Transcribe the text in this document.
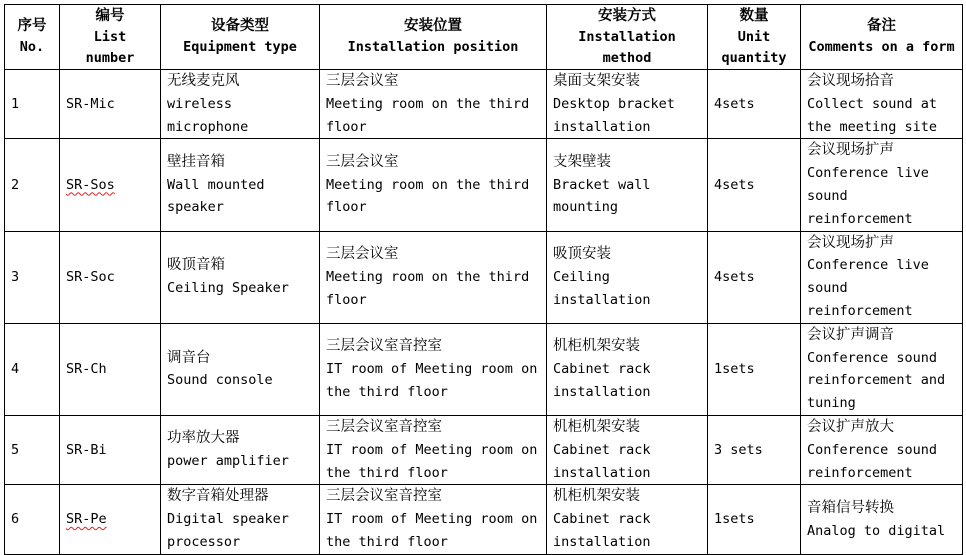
序号
No.	编号
List
number	设备类型
Equipment type	安装位置
Installation position	安装方式
Installation
method	数量
Unit
quantity	备注
Comments on a form

1	SR-Mic	无线麦克风
wireless
microphone	三层会议室
Meeting room on the third
floor	桌面支架安装
Desktop bracket
installation	4sets	会议现场拾音
Collect sound at
the meeting site

2	SR-Sos	壁挂音箱
Wall mounted
speaker	三层会议室
Meeting room on the third
floor	支架壁装
Bracket wall
mounting	4sets	会议现场扩声
Conference live
sound
reinforcement

3	SR-Soc	吸顶音箱
Ceiling Speaker	三层会议室
Meeting room on the third
floor	吸顶安装
Ceiling
installation	4sets	会议现场扩声
Conference live
sound
reinforcement

4	SR-Ch	调音台
Sound console	三层会议室音控室
IT room of Meeting room on
the third floor	机柜机架安装
Cabinet rack
installation	1sets	会议扩声调音
Conference sound
reinforcement and
tuning

5	SR-Bi	功率放大器
power amplifier	三层会议室音控室
IT room of Meeting room on
the third floor	机柜机架安装
Cabinet rack
installation	3 sets	会议扩声放大
Conference sound
reinforcement

6	SR-Pe	数字音箱处理器
Digital speaker
processor	三层会议室音控室
IT room of Meeting room on
the third floor	机柜机架安装
Cabinet rack
installation	1sets	音箱信号转换
Analog to digital
